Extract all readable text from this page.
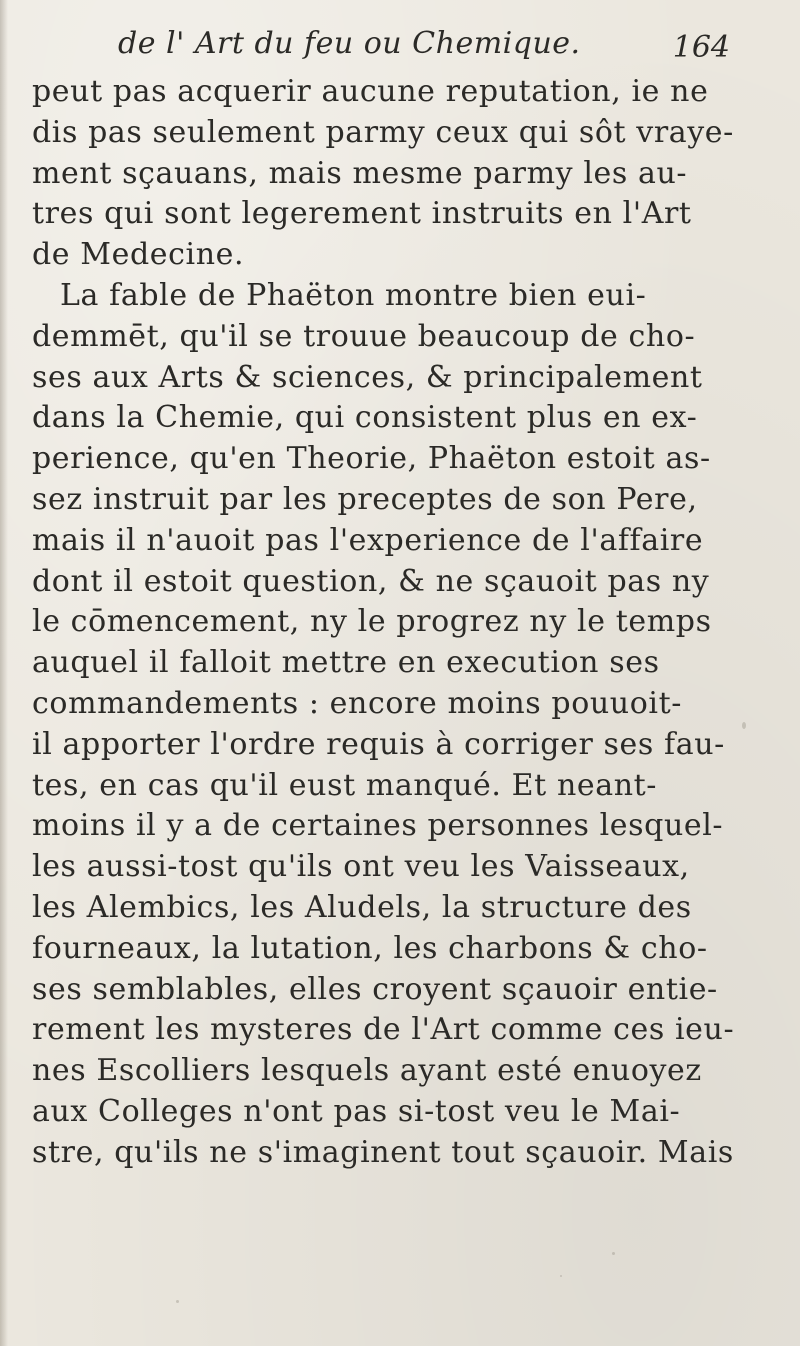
de l' Art du feu ou Chemique.	164
peut pas acquerir aucune reputation, ie ne
dis pas seulement parmy ceux qui sôt vraye-
ment sçauans, mais mesme parmy les au-
tres qui sont legerement instruits en l'Art
de Medecine.
La fable de Phaëton montre bien eui-
demmēt, qu'il se trouue beaucoup de cho-
ses aux Arts & sciences, & principalement
dans la Chemie, qui consistent plus en ex-
perience, qu'en Theorie, Phaëton estoit as-
sez instruit par les preceptes de son Pere,
mais il n'auoit pas l'experience de l'affaire
dont il estoit question, & ne sçauoit pas ny
le cōmencement, ny le progrez ny le temps
auquel il falloit mettre en execution ses
commandements : encore moins pouuoit-
il apporter l'ordre requis à corriger ses fau-
tes, en cas qu'il eust manqué. Et neant-
moins il y a de certaines personnes lesquel-
les aussi-tost qu'ils ont veu les Vaisseaux,
les Alembics, les Aludels, la structure des
fourneaux, la lutation, les charbons & cho-
ses semblables, elles croyent sçauoir entie-
rement les mysteres de l'Art comme ces ieu-
nes Escolliers lesquels ayant esté enuoyez
aux Colleges n'ont pas si-tost veu le Mai-
stre, qu'ils ne s'imaginent tout sçauoir. Mais
